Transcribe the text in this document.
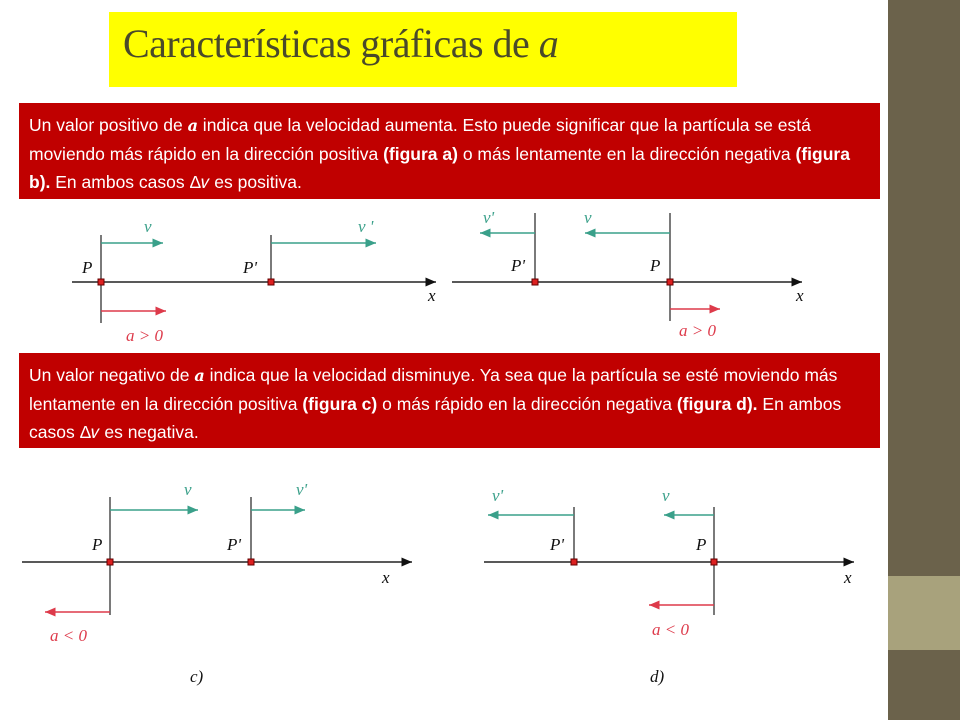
Características gráficas de a
Un valor positivo de a indica que la velocidad aumenta. Esto puede significar que la partícula se está moviendo más rápido en la dirección positiva (figura a) o más lentamente en la dirección negativa (figura b). En ambos casos Δ𝑣 es positiva.
Un valor negativo de a indica que la velocidad disminuye. Ya sea que la partícula se esté moviendo más lentamente en la dirección positiva (figura c) o más rápido en la dirección negativa (figura d). En ambos casos Δ𝑣 es negativa.
x
v	v '
a > 0
P	P'
x
v'	v
a > 0
P'	P
x
v	v'
a < 0
P	P'
c)
x
v'	v
a < 0
P'	P
d)
